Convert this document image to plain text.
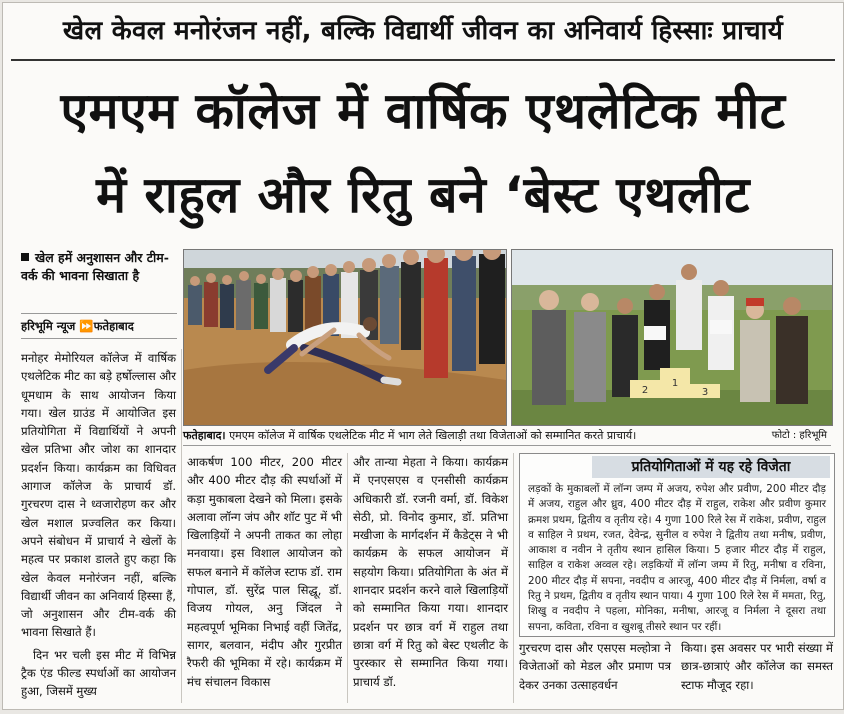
खेल केवल मनोरंजन नहीं, बल्कि विद्यार्थी जीवन का अनिवार्य हिस्साः प्राचार्य
एमएम कॉलेज में वार्षिक एथलेटिक मीट
में राहुल और रितु बने ‘बेस्ट एथलीट
खेल हमें अनुशासन और टीम-वर्क की भावना सिखाता है
हरिभूमि न्यूज ⏩फतेहाबाद

मनोहर मेमोरियल कॉलेज में वार्षिक एथलेटिक मीट का बड़े हर्षोल्लास और धूमधाम के साथ आयोजन किया गया। खेल ग्राउंड में आयोजित इस प्रतियोगिता में विद्यार्थियों ने अपनी खेल प्रतिभा और जोश का शानदार प्रदर्शन किया। कार्यक्रम का विधिवत आगाज कॉलेज के प्राचार्य डॉ. गुरचरण दास ने ध्वजारोहण कर और खेल मशाल प्रज्वलित कर किया। अपने संबोधन में प्राचार्य ने खेलों के महत्व पर प्रकाश डालते हुए कहा कि खेल केवल मनोरंजन नहीं, बल्कि विद्यार्थी जीवन का अनिवार्य हिस्सा हैं, जो अनुशासन और टीम-वर्क की भावना सिखाते हैं।

दिन भर चली इस मीट में विभिन्न ट्रैक एंड फील्ड स्पर्धाओं का आयोजन हुआ, जिसमें मुख्य

आकर्षण 100 मीटर, 200 मीटर और 400 मीटर दौड़ की स्पर्धाओं में कड़ा मुकाबला देखने को मिला। इसके अलावा लॉन्ग जंप और शॉट पुट में भी खिलाड़ियों ने अपनी ताकत का लोहा मनवाया। इस विशाल आयोजन को सफल बनाने में कॉलेज स्टाफ डॉ. राम गोपाल, डॉ. सुरेंद्र पाल सिद्धू, डॉ. विजय गोयल, अनु जिंदल ने महत्वपूर्ण भूमिका निभाई वहीं जितेंद्र, सागर, बलवान, मंदीप और गुरप्रीत रैफरी की भूमिका में रहे। कार्यक्रम में मंच संचालन विकास

और तान्या मेहता ने किया। कार्यक्रम में एनएसएस व एनसीसी कार्यक्रम अधिकारी डॉ. रजनी वर्मा, डॉ. विकेश सेठी, प्रो. विनोद कुमार, डॉ. प्रतिभा मखीजा के मार्गदर्शन में कैडेट्स ने भी कार्यक्रम के सफल आयोजन में सहयोग किया। प्रतियोगिता के अंत में शानदार प्रदर्शन करने वाले खिलाड़ियों को सम्मानित किया गया। शानदार प्रदर्शन पर छात्र वर्ग में राहुल तथा छात्रा वर्ग में रितु को बेस्ट एथलीट के पुरस्कार से सम्मानित किया गया। प्राचार्य डॉ.

गुरचरण दास और एसएस मल्होत्रा ने विजेताओं को मेडल और प्रमाण पत्र देकर उनका उत्साहवर्धन

किया। इस अवसर पर भारी संख्या में छात्र-छात्राएं और कॉलेज का समस्त स्टाफ मौजूद रहा।

1
2	3
फतेहाबाद। एमएम कॉलेज में वार्षिक एथलेटिक मीट में भाग लेते खिलाड़ी तथा विजेताओं को सम्मानित करते प्राचार्य।	फोटो : हरिभूमि
प्रतियोगिताओं में यह रहे विजेता
लड़कों के मुकाबलों में लॉन्ग जम्प में अजय, रुपेश और प्रवीण, 200 मीटर दौड़ में अजय, राहुल और ध्रुव, 400 मीटर दौड़ में राहुल, राकेश और प्रवीण कुमार क्रमश प्रथम, द्वितीय व तृतीय रहे। 4 गुणा 100 रिले रेस में राकेश, प्रवीण, राहुल व साहिल ने प्रथम, रजत, देवेन्द्र, सुनील व रुपेश ने द्वितीय तथा मनीष, प्रवीण, आकाश व नवीन ने तृतीय स्थान हासिल किया। 5 हजार मीटर दौड़ में राहुल, साहिल व राकेश अव्वल रहे। लड़कियों में लॉन्ग जम्प में रितु, मनीषा व रविना, 200 मीटर दौड़ में सपना, नवदीप व आरजू, 400 मीटर दौड़ में निर्मला, वर्षा व रितु ने प्रथम, द्वितीय व तृतीय स्थान पाया। 4 गुणा 100 रिले रेस में ममता, रितु, शिखु व नवदीप ने पहला, मोनिका, मनीषा, आरजू व निर्मला ने दूसरा तथा सपना, कविता, रविना व खुशबू तीसरे स्थान पर रहीं।
